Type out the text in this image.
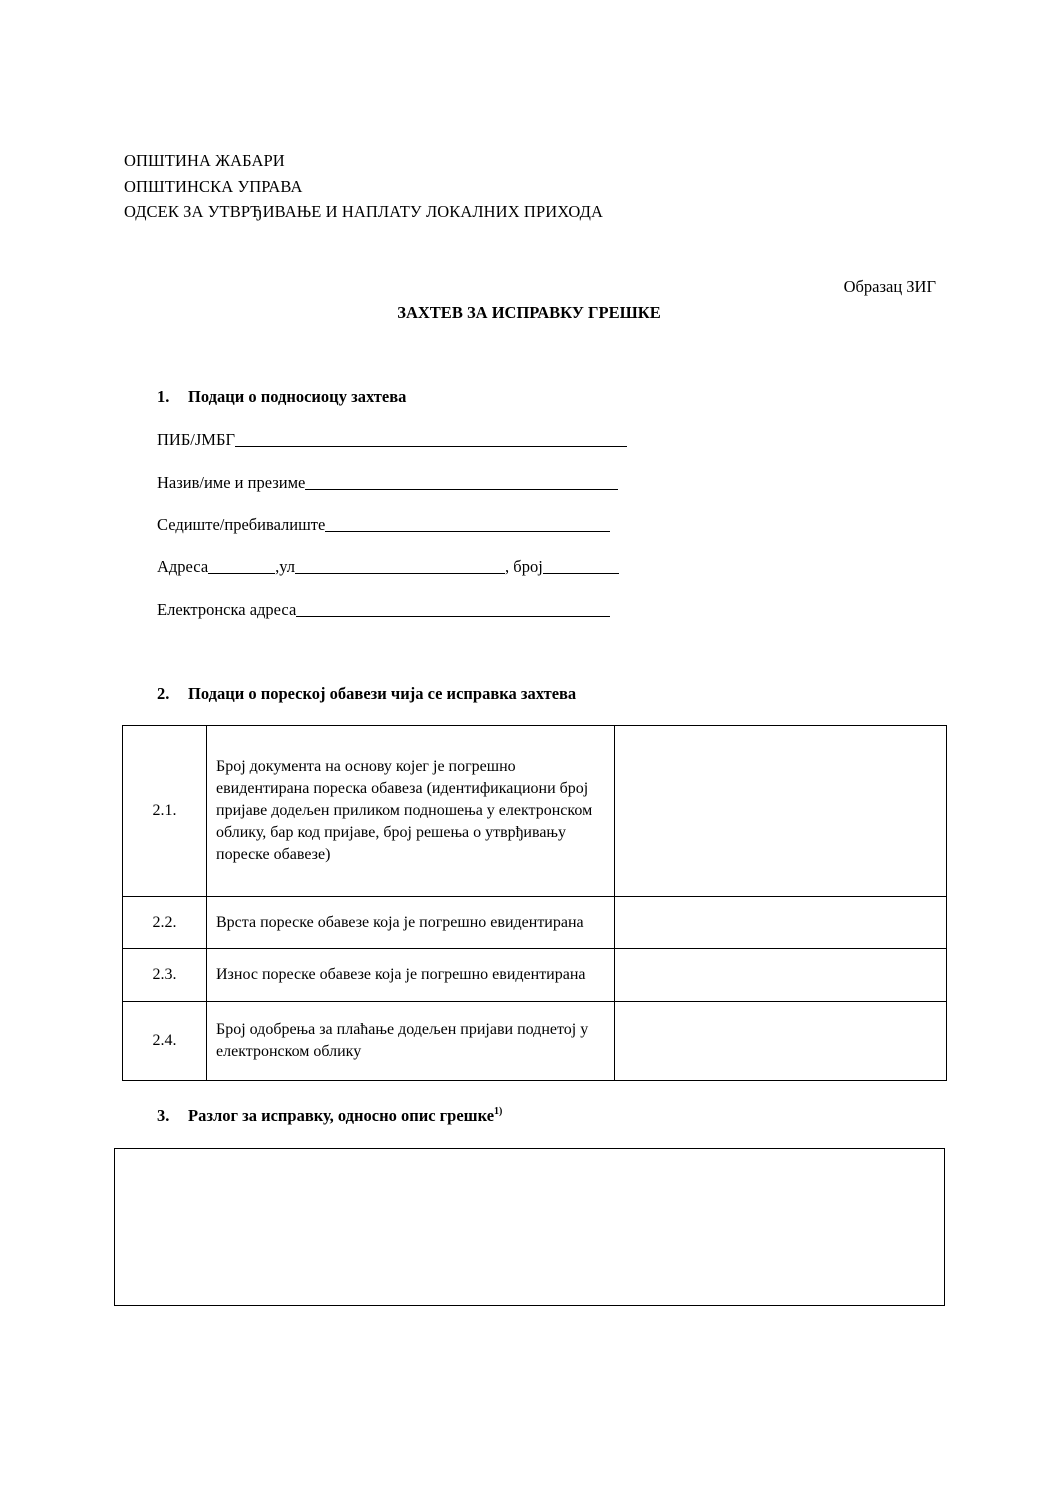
ОПШТИНА ЖАБАРИ
ОПШТИНСКА УПРАВА
ОДСЕК ЗА УТВРЂИВАЊЕ И НАПЛАТУ ЛОКАЛНИХ ПРИХОДА
Образац ЗИГ
ЗАХТЕВ ЗА ИСПРАВКУ ГРЕШКЕ
1. Подаци о подносиоцу захтева
ПИБ/ЈМБГ
Назив/име и презиме
Седиште/пребивалиште
Адреса	,ул	, број
Електронска адреса
2. Подаци о пореској обавези чија се исправка захтева
2.1.	Број документа на основу којег је погрешно евидентирана пореска обавеза (идентификациони број пријаве додељен приликом подношења у електронском облику, бар код пријаве, број решења о утврђивању пореске обавезе)	
2.2.	Врста пореске обавезе која је погрешно евидентирана	
2.3.	Износ пореске обавезе која је погрешно евидентирана	
2.4.	Број одобрења за плаћање додељен пријави поднетој у електронском облику	
3. Разлог за исправку, односно опис грешке$^{1)}$
